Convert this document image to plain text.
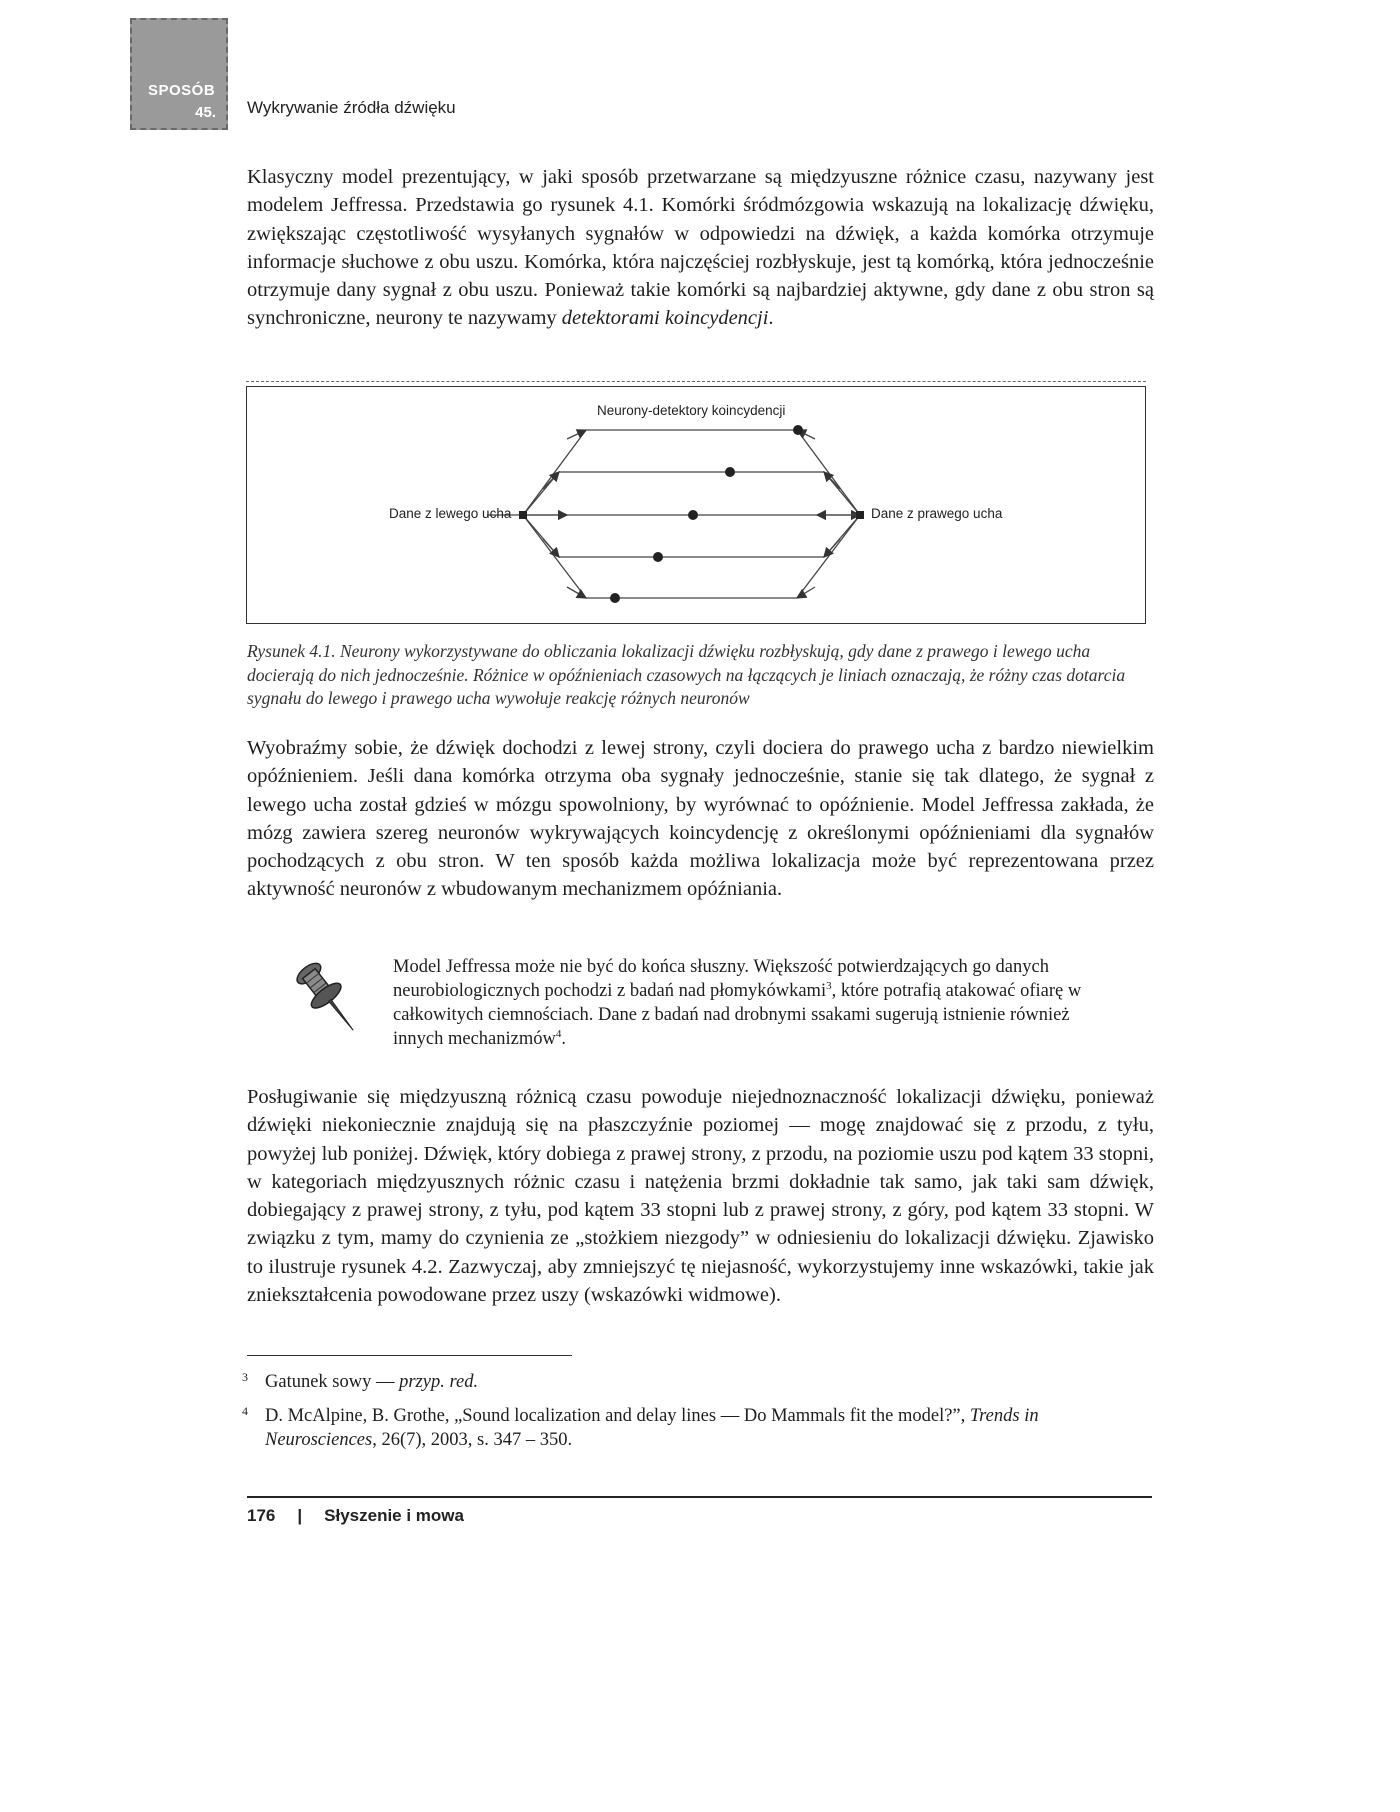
SPOSÓB
45. Wykrywanie źródła dźwięku
Klasyczny model prezentujący, w jaki sposób przetwarzane są międzyuszne różnice czasu, nazywany jest modelem Jeffressa. Przedstawia go rysunek 4.1. Komórki śródmózgowia wskazują na lokalizację dźwięku, zwiększając częstotliwość wysyłanych sygnałów w odpowiedzi na dźwięk, a każda komórka otrzymuje informacje słuchowe z obu uszu. Komórka, która najczęściej rozbłyskuje, jest tą komórką, która jednocześnie otrzymuje dany sygnał z obu uszu. Ponieważ takie komórki są najbardziej aktywne, gdy dane z obu stron są synchroniczne, neurony te nazywamy detektorami koincydencji.
Neurony-detektory koincydencji
Dane z lewego ucha	Dane z prawego ucha
Rysunek 4.1. Neurony wykorzystywane do obliczania lokalizacji dźwięku rozbłyskują, gdy dane z prawego i lewego ucha docierają do nich jednocześnie. Różnice w opóźnieniach czasowych na łączących je liniach oznaczają, że różny czas dotarcia sygnału do lewego i prawego ucha wywołuje reakcję różnych neuronów
Wyobraźmy sobie, że dźwięk dochodzi z lewej strony, czyli dociera do prawego ucha z bardzo niewielkim opóźnieniem. Jeśli dana komórka otrzyma oba sygnały jednocześnie, stanie się tak dlatego, że sygnał z lewego ucha został gdzieś w mózgu spowolniony, by wyrównać to opóźnienie. Model Jeffressa zakłada, że mózg zawiera szereg neuronów wykrywających koincydencję z określonymi opóźnieniami dla sygnałów pochodzących z obu stron. W ten sposób każda możliwa lokalizacja może być reprezentowana przez aktywność neuronów z wbudowanym mechanizmem opóźniania.
Model Jeffressa może nie być do końca słuszny. Większość potwierdzających go danych neurobiologicznych pochodzi z badań nad płomykówkami$^3$, które potrafią atakować ofiarę w całkowitych ciemnościach. Dane z badań nad drobnymi ssakami sugerują istnienie również innych mechanizmów$^4$.
Posługiwanie się międzyuszną różnicą czasu powoduje niejednoznaczność lokalizacji dźwięku, ponieważ dźwięki niekoniecznie znajdują się na płaszczyźnie poziomej — mogę znajdować się z przodu, z tyłu, powyżej lub poniżej. Dźwięk, który dobiega z prawej strony, z przodu, na poziomie uszu pod kątem 33 stopni, w kategoriach międzyusznych różnic czasu i natężenia brzmi dokładnie tak samo, jak taki sam dźwięk, dobiegający z prawej strony, z tyłu, pod kątem 33 stopni lub z prawej strony, z góry, pod kątem 33 stopni. W związku z tym, mamy do czynienia ze „stożkiem niezgody” w odniesieniu do lokalizacji dźwięku. Zjawisko to ilustruje rysunek 4.2. Zazwyczaj, aby zmniejszyć tę niejasność, wykorzystujemy inne wskazówki, takie jak zniekształcenia powodowane przez uszy (wskazówki widmowe).
3 Gatunek sowy — przyp. red.
4 D. McAlpine, B. Grothe, „Sound localization and delay lines — Do Mammals fit the model?”, Trends in Neurosciences, 26(7), 2003, s. 347 – 350.
176 | Słyszenie i mowa
